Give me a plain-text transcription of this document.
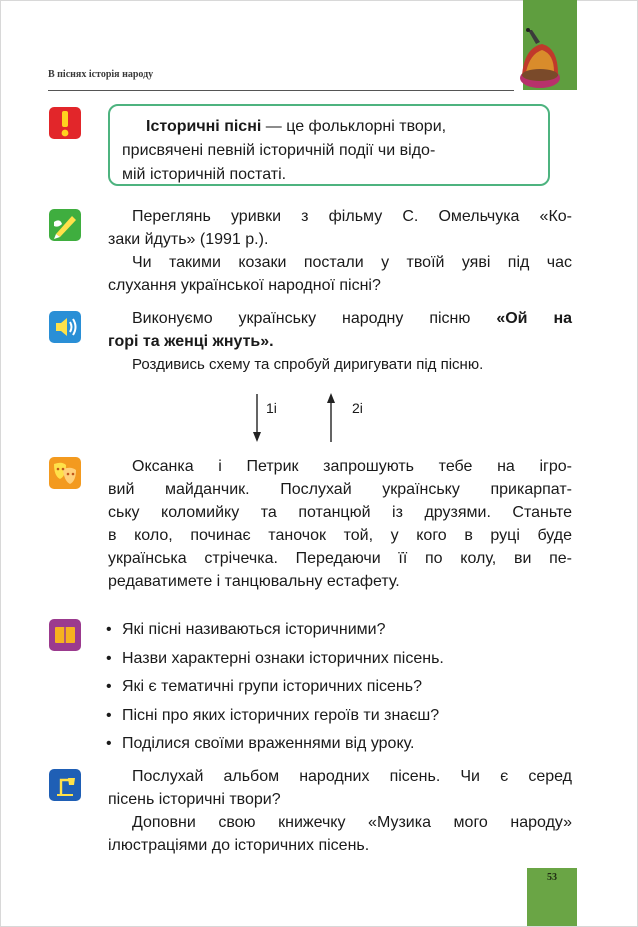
В піснях історія народу
Історичні пісні — це фольклорні твори,
присвячені певній історичній події чи відо-
мій історичній постаті.
Переглянь уривки з фільму С. Омельчука «Ко-
заки йдуть» (1991 р.).
Чи такими козаки постали у твоїй уяві під час
слухання української народної пісні?
Виконуємо українську народну пісню «Ой на
горі та женці жнуть».
Роздивись схему та спробуй диригувати під пісню.
1і	2і
Оксанка і Петрик запрошують тебе на ігро-
вий майданчик. Послухай українську прикарпат-
ську коломийку та потанцюй із друзями. Станьте
в коло, починає таночок той, у кого в руці буде
українська стрічечка. Передаючи її по колу, ви пе-
редаватимете і танцювальну естафету.
• Які пісні називаються історичними?
• Назви характерні ознаки історичних пісень.
• Які є тематичні групи історичних пісень?
• Пісні про яких історичних героїв ти знаєш?
• Поділися своїми враженнями від уроку.
Послухай альбом народних пісень. Чи є серед
пісень історичні твори?
Доповни свою книжечку «Музика мого народу»
ілюстраціями до історичних пісень.
53
